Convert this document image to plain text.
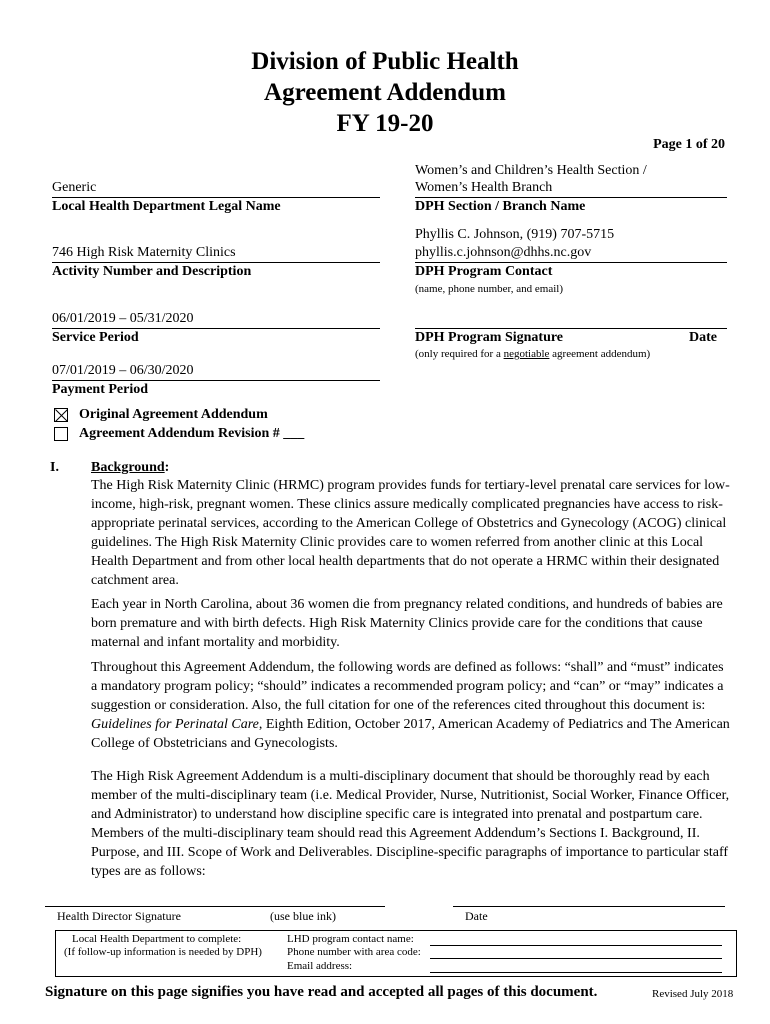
Division of Public Health
Agreement Addendum
FY 19-20
Page 1 of 20
Generic
Local Health Department Legal Name
746 High Risk Maternity Clinics
Activity Number and Description
06/01/2019 – 05/31/2020
Service Period
07/01/2019 – 06/30/2020
Payment Period
Women’s and Children’s Health Section /
Women’s Health Branch
DPH Section / Branch Name
Phyllis C. Johnson, (919) 707-5715
phyllis.c.johnson@dhhs.nc.gov
DPH Program Contact
(name, phone number, and email)
DPH Program Signature	Date
(only required for a negotiable agreement addendum)
Original Agreement Addendum
Agreement Addendum Revision # ___
I. Background:
The High Risk Maternity Clinic (HRMC) program provides funds for tertiary-level prenatal care services for low-income, high-risk, pregnant women. These clinics assure medically complicated pregnancies have access to risk-appropriate perinatal services, according to the American College of Obstetrics and Gynecology (ACOG) clinical guidelines. The High Risk Maternity Clinic provides care to women referred from another clinic at this Local Health Department and from other local health departments that do not operate a HRMC within their designated catchment area.
Each year in North Carolina, about 36 women die from pregnancy related conditions, and hundreds of babies are born premature and with birth defects. High Risk Maternity Clinics provide care for the conditions that cause maternal and infant mortality and morbidity.
Throughout this Agreement Addendum, the following words are defined as follows: “shall” and “must” indicates a mandatory program policy; “should” indicates a recommended program policy; and “can” or “may” indicates a suggestion or consideration. Also, the full citation for one of the references cited throughout this document is: Guidelines for Perinatal Care, Eighth Edition, October 2017, American Academy of Pediatrics and The American College of Obstetricians and Gynecologists.
The High Risk Agreement Addendum is a multi-disciplinary document that should be thoroughly read by each member of the multi-disciplinary team (i.e. Medical Provider, Nurse, Nutritionist, Social Worker, Finance Officer, and Administrator) to understand how discipline specific care is integrated into prenatal and postpartum care. Members of the multi-disciplinary team should read this Agreement Addendum’s Sections I. Background, II. Purpose, and III. Scope of Work and Deliverables. Discipline-specific paragraphs of importance to particular staff types are as follows:
Health Director Signature	(use blue ink)	Date
Local Health Department to complete:
(If follow-up information is needed by DPH)
LHD program contact name:
Phone number with area code:
Email address:
Signature on this page signifies you have read and accepted all pages of this document.	Revised July 2018
